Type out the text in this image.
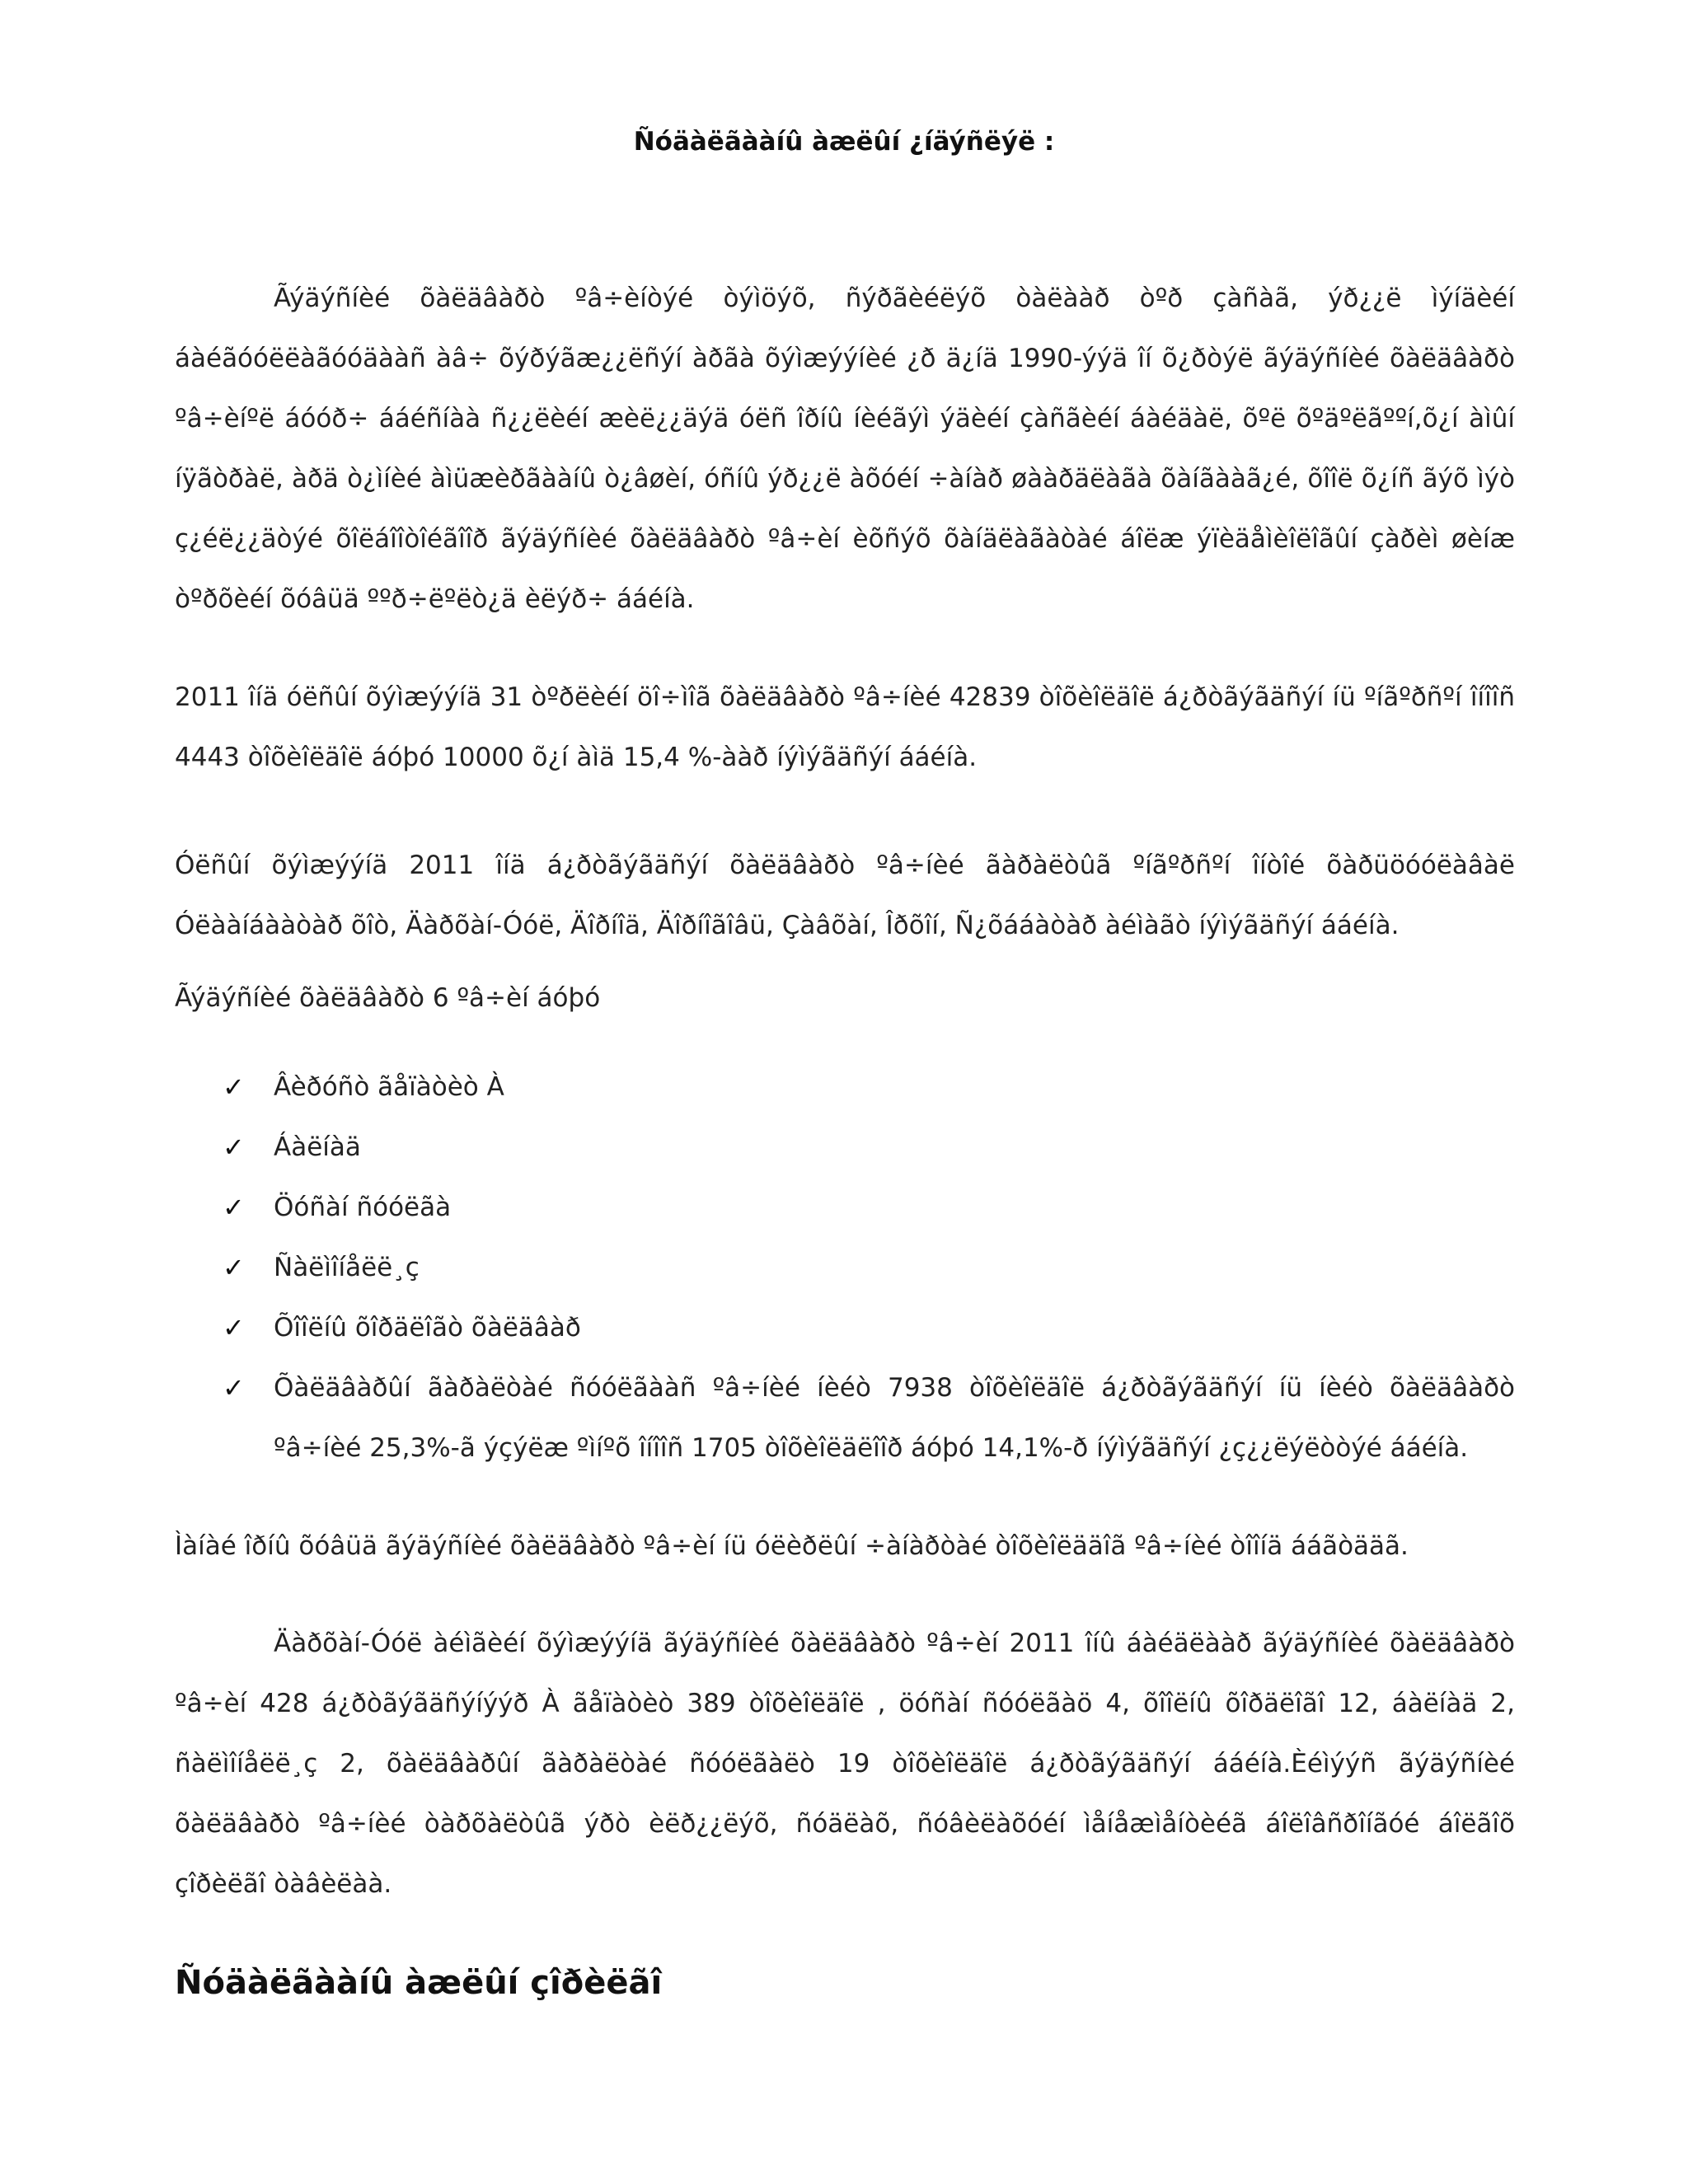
Ñóäàëãààíû àæëûí ¿íäýñëýë :

Ãýäýñíèé õàëäâàðò ºâ÷èíòýé òýìöýõ, ñýðãèéëýõ òàëààð òºð çàñàã, ýð¿¿ë ìýíäèéí áàéãóóëëàãóóäààñ àâ÷ õýðýãæ¿¿ëñýí àðãà õýìæýýíèé ¿ð ä¿íä 1990-ýýä îí õ¿ðòýë ãýäýñíèé õàëäâàðò ºâ÷èíºë áóóð÷ ááéñíàà ñ¿¿ëèéí æèë¿¿äýä óëñ îðíû íèéãýì ýäèéí çàñãèéí áàéäàë, õºë õºäºëãººí,õ¿í àìûí íÿãòðàë, àðä ò¿ìíèé àìüæèðãààíû ò¿âøèí, óñíû ýð¿¿ë àõóéí ÷àíàð øààðäëàãà õàíãààã¿é, õîîë õ¿íñ ãýõ ìýò ç¿éë¿¿äòýé õîëáîîòîéãîîð ãýäýñíèé õàëäâàðò ºâ÷èí èõñýõ õàíäëàãàòàé áîëæ ýïèäåìèîëîãûí çàðèì øèíæ òºðõèéí õóâüä ººð÷ëºëò¿ä èëýð÷ ááéíà.

2011 îíä óëñûí õýìæýýíä 31 òºðëèéí öî÷ìîã õàëäâàðò ºâ÷íèé 42839 òîõèîëäîë á¿ðòãýãäñýí íü ºíãºðñºí îíîîñ 4443 òîõèîëäîë áóþó 10000 õ¿í àìä 15,4 %-ààð íýìýãäñýí ááéíà.

Óëñûí õýìæýýíä 2011 îíä á¿ðòãýãäñýí õàëäâàðò ºâ÷íèé ãàðàëòûã ºíãºðñºí îíòîé õàðüöóóëàâàë Óëààíáààòàð õîò, Äàðõàí-Óóë, Äîðíîä, Äîðíîãîâü, Çàâõàí, Îðõîí, Ñ¿õááàòàð àéìàãò íýìýãäñýí ááéíà.

Ãýäýñíèé õàëäâàðò 6 ºâ÷èí áóþó

✓ Âèðóñò ãåïàòèò À
✓ Áàëíàä
✓ Öóñàí ñóóëãà
✓ Ñàëìîíåëë¸ç
✓ Õîîëíû õîðäëîãò õàëäâàð
✓ Õàëäâàðûí ãàðàëòàé ñóóëãààñ ºâ÷íèé íèéò 7938 òîõèîëäîë á¿ðòãýãäñýí íü íèéò õàëäâàðò ºâ÷íèé 25,3%-ã ýçýëæ ºìíºõ îíîîñ 1705 òîõèîëäëîîð áóþó 14,1%-ð íýìýãäñýí ¿ç¿¿ëýëòòýé ááéíà.

Ìàíàé îðíû õóâüä ãýäýñíèé õàëäâàðò ºâ÷èí íü óëèðëûí ÷àíàðòàé òîõèîëääîã ºâ÷íèé òîîíä ááãòääã.

Äàðõàí-Óóë àéìãèéí õýìæýýíä ãýäýñíèé õàëäâàðò ºâ÷èí 2011 îíû áàéäëààð ãýäýñíèé õàëäâàðò ºâ÷èí 428 á¿ðòãýãäñýíýýð À ãåïàòèò 389 òîõèîëäîë , öóñàí ñóóëãàö 4, õîîëíû õîðäëîãî 12, áàëíàä 2, ñàëìîíåëë¸ç 2, õàëäâàðûí ãàðàëòàé ñóóëãàëò 19 òîõèîëäîë á¿ðòãýãäñýí ááéíà.Èéìýýñ ãýäýñíèé õàëäâàðò ºâ÷íèé òàðõàëòûã ýðò èëð¿¿ëýõ, ñóäëàõ, ñóâèëàõóéí ìåíåæìåíòèéã áîëîâñðîíãóé áîëãîõ çîðèëãî òàâèëàà.

Ñóäàëãààíû àæëûí çîðèëãî
